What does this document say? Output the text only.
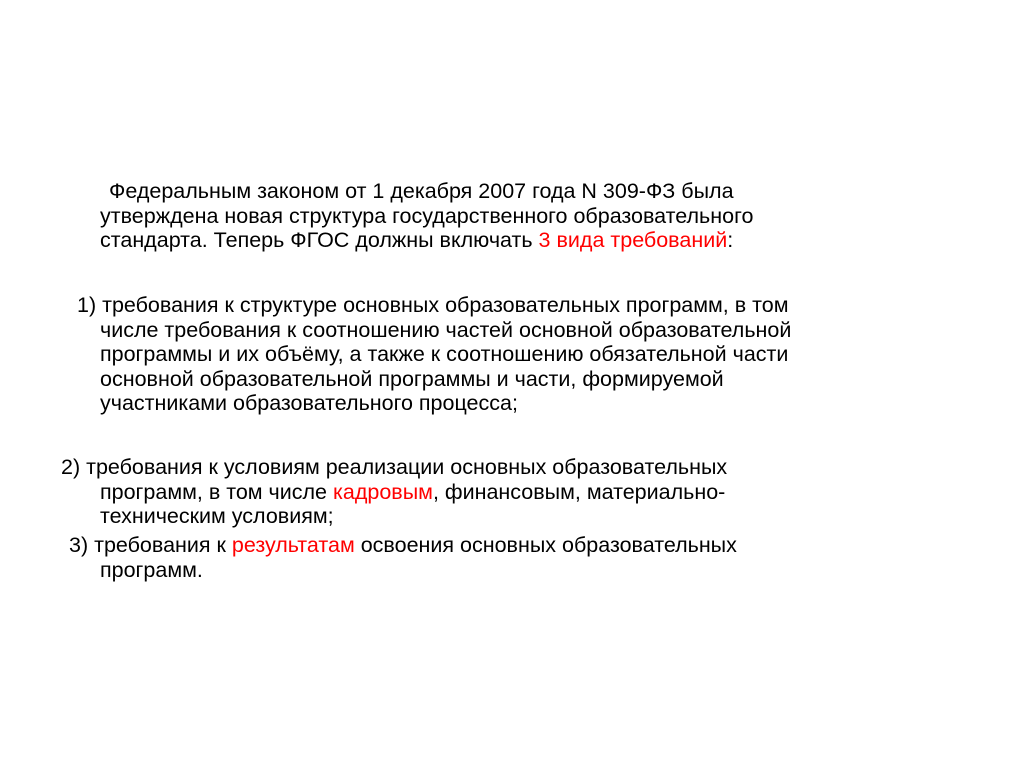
Федеральным законом от 1 декабря 2007 года N 309-ФЗ была
утверждена новая структура государственного образовательного
стандарта. Теперь ФГОС должны включать 3 вида требований:

1) требования к структуре основных образовательных программ, в том
числе требования к соотношению частей основной образовательной
программы и их объёму, а также к соотношению обязательной части
основной образовательной программы и части, формируемой
участниками образовательного процесса;

2) требования к условиям реализации основных образовательных
программ, в том числе кадровым, финансовым, материально-
техническим условиям;

3) требования к результатам освоения основных образовательных
программ.
